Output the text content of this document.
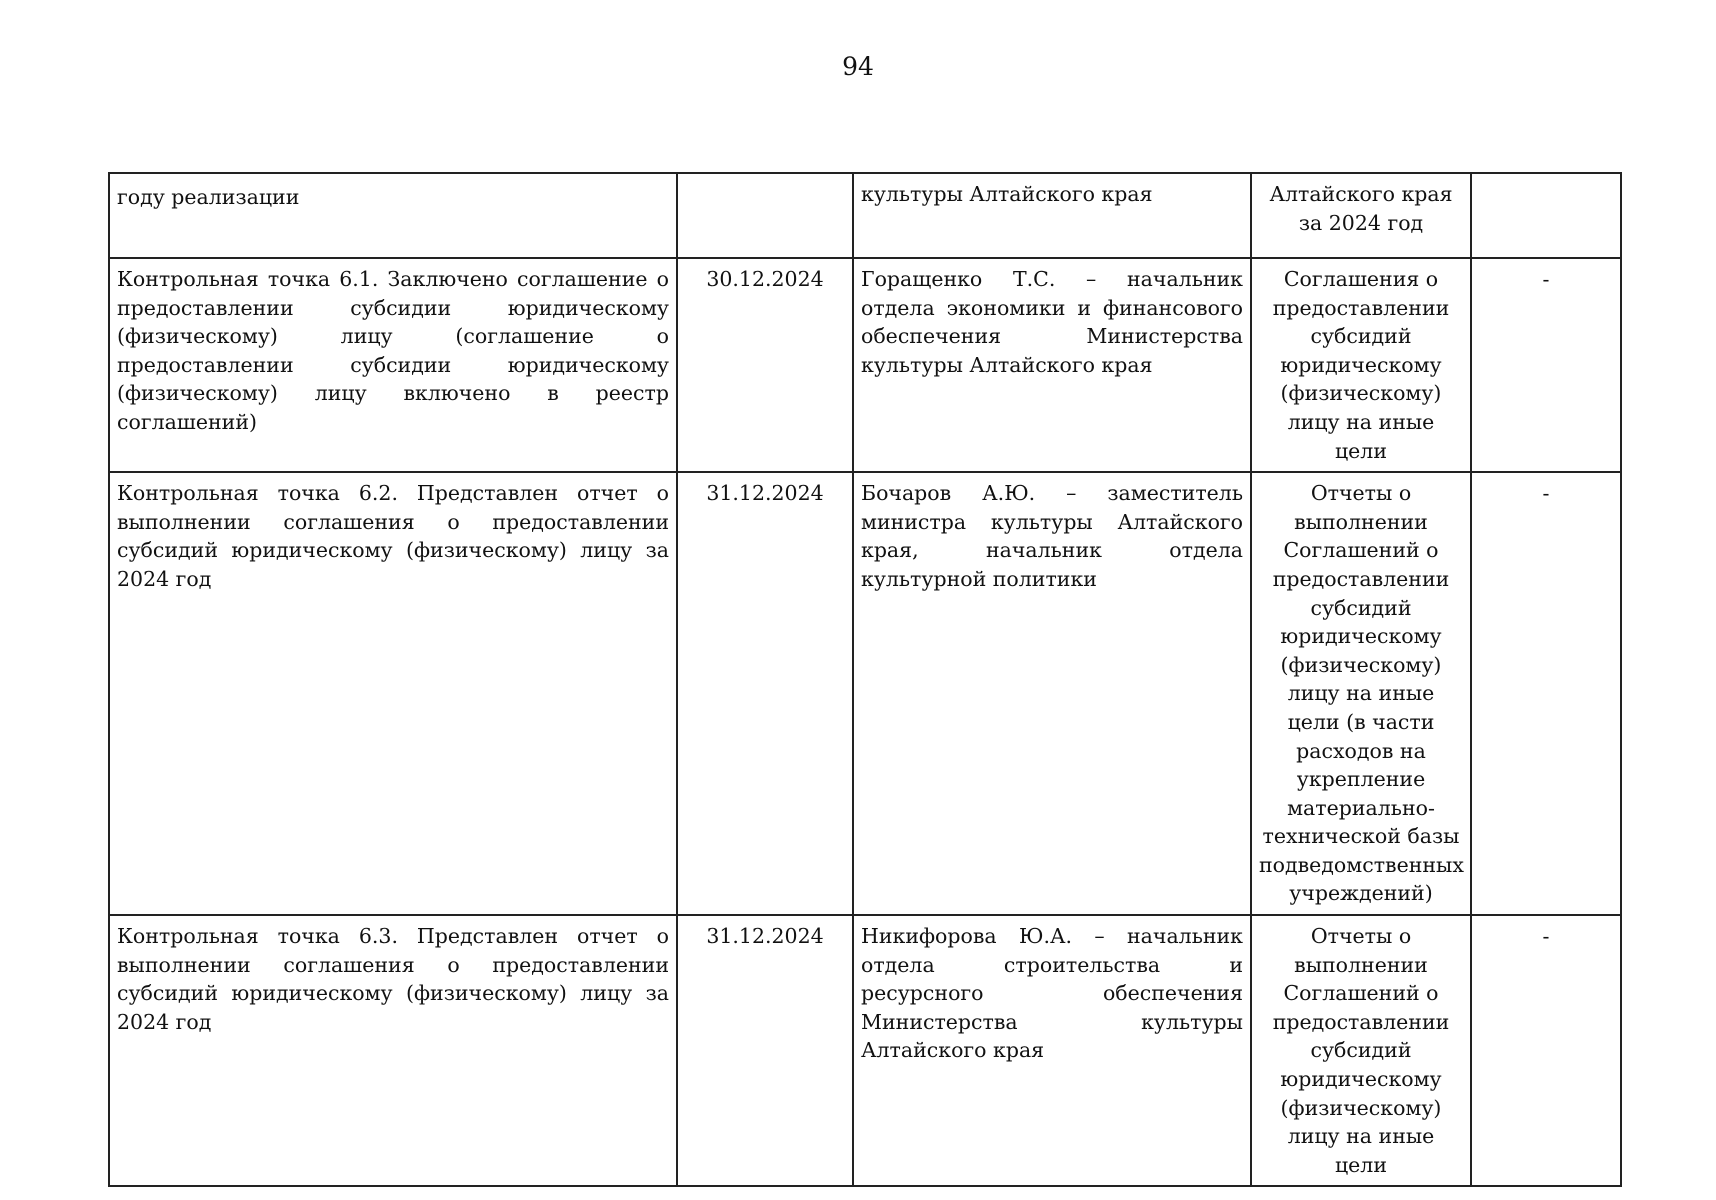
94
году реализации		культуры Алтайского края	Алтайского края за 2024 год	
Контрольная точка 6.1. Заключено соглашение о предоставлении субсидии юридическому (физическому) лицу (соглашение о предоставлении субсидии юридическому (физическому) лицу включено в реестр соглашений)	30.12.2024	Горащенко Т.С. – начальник отдела экономики и финансового обеспечения Министерства культуры Алтайского края	Соглашения о предоставлении субсидий юридическому (физическому) лицу на иные цели	-
Контрольная точка 6.2. Представлен отчет о выполнении соглашения о предоставлении субсидий юридическому (физическому) лицу за 2024 год	31.12.2024	Бочаров А.Ю. – заместитель министра культуры Алтайского края, начальник отдела культурной политики	Отчеты о выполнении Соглашений о предоставлении субсидий юридическому (физическому) лицу на иные цели (в части расходов на укрепление материально-технической базы подведомственных учреждений)	-
Контрольная точка 6.3. Представлен отчет о выполнении соглашения о предоставлении субсидий юридическому (физическому) лицу за 2024 год	31.12.2024	Никифорова Ю.А. – начальник отдела строительства и ресурсного обеспечения Министерства культуры Алтайского края	Отчеты о выполнении Соглашений о предоставлении субсидий юридическому (физическому) лицу на иные цели	-
